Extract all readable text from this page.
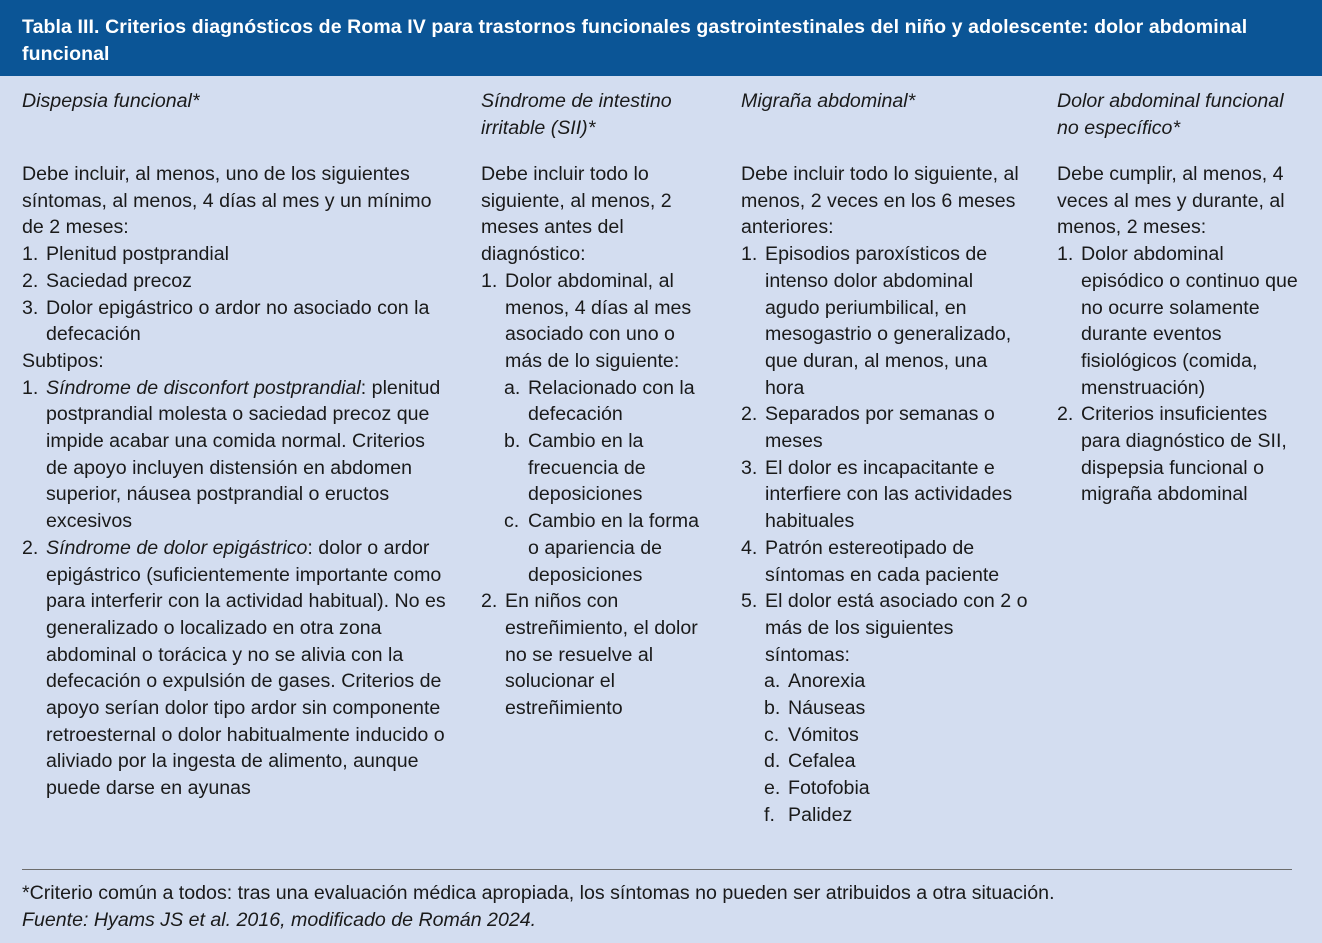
Tabla III. Criterios diagnósticos de Roma IV para trastornos funcionales gastrointestinales del niño y adolescente: dolor abdominal funcional
Dispepsia funcional*
Debe incluir, al menos, uno de los siguientes síntomas, al menos, 4 días al mes y un mínimo de 2 meses:
1. Plenitud postprandial
2. Saciedad precoz
3. Dolor epigástrico o ardor no asociado con la defecación
Subtipos:
1. Síndrome de disconfort postprandial: plenitud postprandial molesta o saciedad precoz que impide acabar una comida normal. Criterios de apoyo incluyen distensión en abdomen superior, náusea postprandial o eructos excesivos
2. Síndrome de dolor epigástrico: dolor o ardor epigástrico (suficientemente importante como para interferir con la actividad habitual). No es generalizado o localizado en otra zona abdominal o torácica y no se alivia con la defecación o expulsión de gases. Criterios de apoyo serían dolor tipo ardor sin componente retroesternal o dolor habitualmente inducido o aliviado por la ingesta de alimento, aunque puede darse en ayunas
Síndrome de intestino irritable (SII)*
Debe incluir todo lo siguiente, al menos, 2 meses antes del diagnóstico:
1. Dolor abdominal, al menos, 4 días al mes asociado con uno o más de lo siguiente:
a. Relacionado con la defecación
b. Cambio en la frecuencia de deposiciones
c. Cambio en la forma o apariencia de deposiciones
2. En niños con estreñimiento, el dolor no se resuelve al solucionar el estreñimiento
Migraña abdominal*
Debe incluir todo lo siguiente, al menos, 2 veces en los 6 meses anteriores:
1. Episodios paroxísticos de intenso dolor abdominal agudo periumbilical, en mesogastrio o generalizado, que duran, al menos, una hora
2. Separados por semanas o meses
3. El dolor es incapacitante e interfiere con las actividades habituales
4. Patrón estereotipado de síntomas en cada paciente
5. El dolor está asociado con 2 o más de los siguientes síntomas:
a. Anorexia
b. Náuseas
c. Vómitos
d. Cefalea
e. Fotofobia
f. Palidez
Dolor abdominal funcional no específico*
Debe cumplir, al menos, 4 veces al mes y durante, al menos, 2 meses:
1. Dolor abdominal episódico o continuo que no ocurre solamente durante eventos fisiológicos (comida, menstruación)
2. Criterios insuficientes para diagnóstico de SII, dispepsia funcional o migraña abdominal
*Criterio común a todos: tras una evaluación médica apropiada, los síntomas no pueden ser atribuidos a otra situación.
Fuente: Hyams JS et al. 2016, modificado de Román 2024.
